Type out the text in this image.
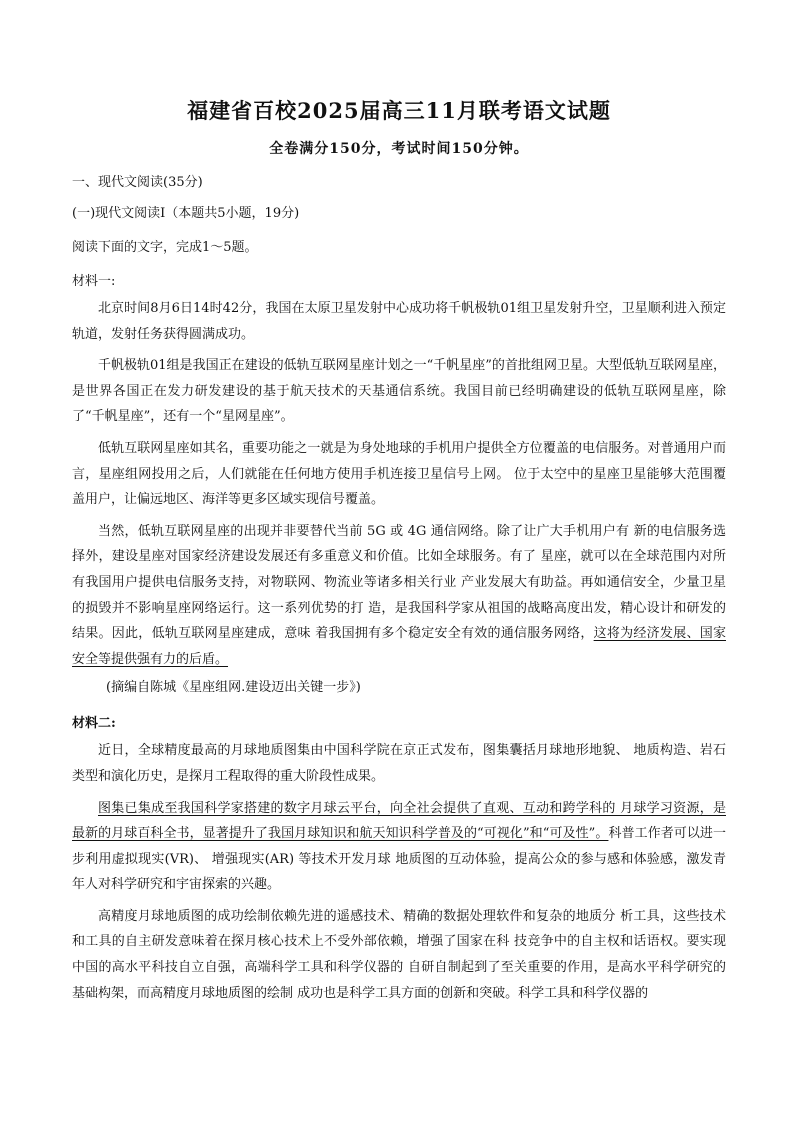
福建省百校2025届高三11月联考语文试题

全卷满分150分，考试时间150分钟。

一、现代文阅读(35分)

(一)现代文阅读Ⅰ（本题共5小题，19分)

阅读下面的文字，完成1～5题。

材料一:

北京时间8月6日14时42分，我国在太原卫星发射中心成功将千帆极轨01组卫星发射升空，卫星顺利进入预定轨道，发射任务获得圆满成功。

千帆极轨01组是我国正在建设的低轨互联网星座计划之一“千帆星座”的首批组网卫星。大型低轨互联网星座，是世界各国正在发力研发建设的基于航天技术的天基通信系统。我国目前已经明确建设的低轨互联网星座，除了“千帆星座”，还有一个“星网星座”。

低轨互联网星座如其名，重要功能之一就是为身处地球的手机用户提供全方位覆盖的电信服务。对普通用户而言，星座组网投用之后，人们就能在任何地方使用手机连接卫星信号上网。 位于太空中的星座卫星能够大范围覆盖用户，让偏远地区、海洋等更多区域实现信号覆盖。

当然，低轨互联网星座的出现并非要替代当前 5G 或 4G 通信网络。除了让广大手机用户有 新的电信服务选择外，建设星座对国家经济建设发展还有多重意义和价值。比如全球服务。有了 星座，就可以在全球范围内对所有我国用户提供电信服务支持，对物联网、物流业等诸多相关行业 产业发展大有助益。再如通信安全，少量卫星的损毁并不影响星座网络运行。这一系列优势的打 造，是我国科学家从祖国的战略高度出发，精心设计和研发的结果。因此，低轨互联网星座建成，意味 着我国拥有多个稳定安全有效的通信服务网络，这将为经济发展、国家安全等提供强有力的后盾。

(摘编自陈城《星座组网.建设迈出关键一步》)

材料二:

近日，全球精度最高的月球地质图集由中国科学院在京正式发布，图集囊括月球地形地貌、 地质构造、岩石类型和演化历史，是探月工程取得的重大阶段性成果。

图集已集成至我国科学家搭建的数字月球云平台，向全社会提供了直观、互动和跨学科的 月球学习资源，是最新的月球百科全书，显著提升了我国月球知识和航天知识科学普及的“可视化”和“可及性”。科普工作者可以进一步利用虚拟现实(VR)、 增强现实(AR) 等技术开发月球 地质图的互动体验，提高公众的参与感和体验感，激发青年人对科学研究和宇宙探索的兴趣。

高精度月球地质图的成功绘制依赖先进的遥感技术、精确的数据处理软件和复杂的地质分 析工具，这些技术和工具的自主研发意味着在探月核心技术上不受外部依赖，增强了国家在科 技竞争中的自主权和话语权。要实现中国的高水平科技自立自强，高端科学工具和科学仪器的 自研自制起到了至关重要的作用，是高水平科学研究的基础构架，而高精度月球地质图的绘制 成功也是科学工具方面的创新和突破。科学工具和科学仪器的
